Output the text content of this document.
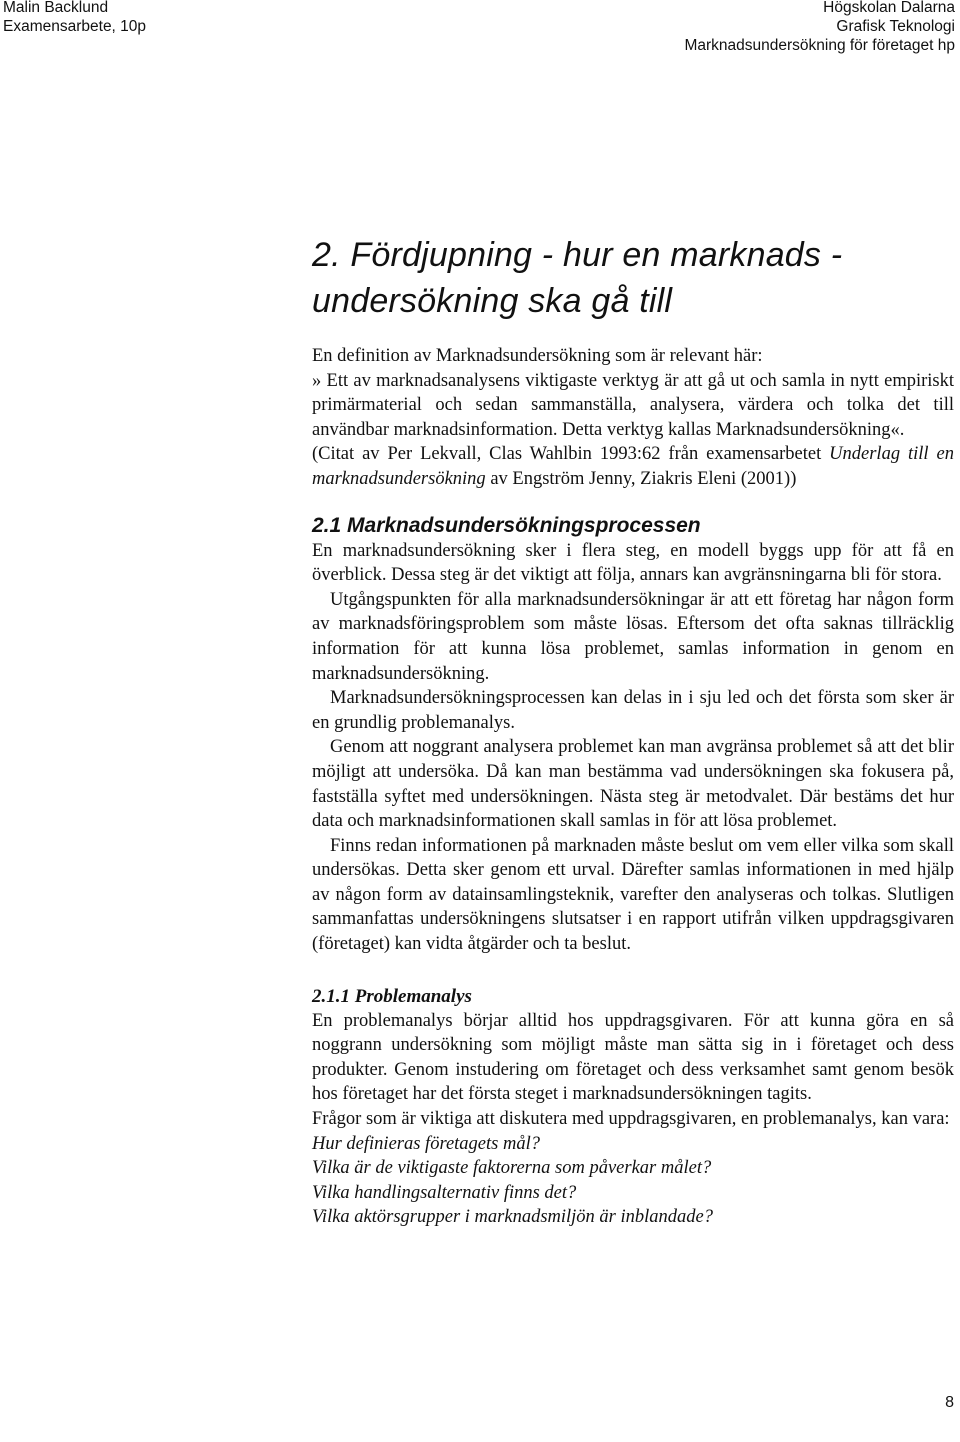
Malin Backlund
Examensarbete, 10p
Högskolan Dalarna
Grafisk Teknologi
Marknadsundersökning för företaget hp

2. Fördjupning - hur en marknads -

undersökning ska gå till

En definition av Marknadsundersökning som är relevant här:

» Ett av marknadsanalysens viktigaste verktyg är att gå ut och samla in nytt empiriskt primärmaterial och sedan sammanställa, analysera, värdera och tolka det till användbar marknadsinformation. Detta verktyg kallas Marknadsundersökning«.

(Citat av Per Lekvall, Clas Wahlbin 1993:62 från examensarbetet Underlag till en marknadsundersökning av Engström Jenny, Ziakris Eleni (2001))

2.1 Marknadsundersökningsprocessen

En marknadsundersökning sker i flera steg, en modell byggs upp för att få en överblick. Dessa steg är det viktigt att följa, annars kan avgränsningarna bli för stora.

Utgångspunkten för alla marknadsundersökningar är att ett företag har någon form av marknadsföringsproblem som måste lösas. Eftersom det ofta saknas tillräcklig information för att kunna lösa problemet, samlas information in genom en marknadsundersökning.

Marknadsundersökningsprocessen kan delas in i sju led och det första som sker är en grundlig problemanalys.

Genom att noggrant analysera problemet kan man avgränsa problemet så att det blir möjligt att undersöka. Då kan man bestämma vad undersökningen ska fokusera på, fastställa syftet med undersökningen. Nästa steg är metodvalet. Där bestäms det hur data och marknadsinformationen skall samlas in för att lösa problemet.

Finns redan informationen på marknaden måste beslut om vem eller vilka som skall undersökas. Detta sker genom ett urval. Därefter samlas informationen in med hjälp av någon form av datainsamlingsteknik, varefter den analyseras och tolkas. Slutligen sammanfattas undersökningens slutsatser i en rapport utifrån vilken uppdragsgivaren (företaget) kan vidta åtgärder och ta beslut.

2.1.1 Problemanalys

En problemanalys börjar alltid hos uppdragsgivaren. För att kunna göra en så noggrann undersökning som möjligt måste man sätta sig in i företaget och dess produkter. Genom instudering om företaget och dess verksamhet samt genom besök hos företaget har det första steget i marknadsundersökningen tagits.

Frågor som är viktiga att diskutera med uppdragsgivaren, en problemanalys, kan vara:

Hur definieras företagets mål?

Vilka är de viktigaste faktorerna som påverkar målet?

Vilka handlingsalternativ finns det?

Vilka aktörsgrupper i marknadsmiljön är inblandade?

8
